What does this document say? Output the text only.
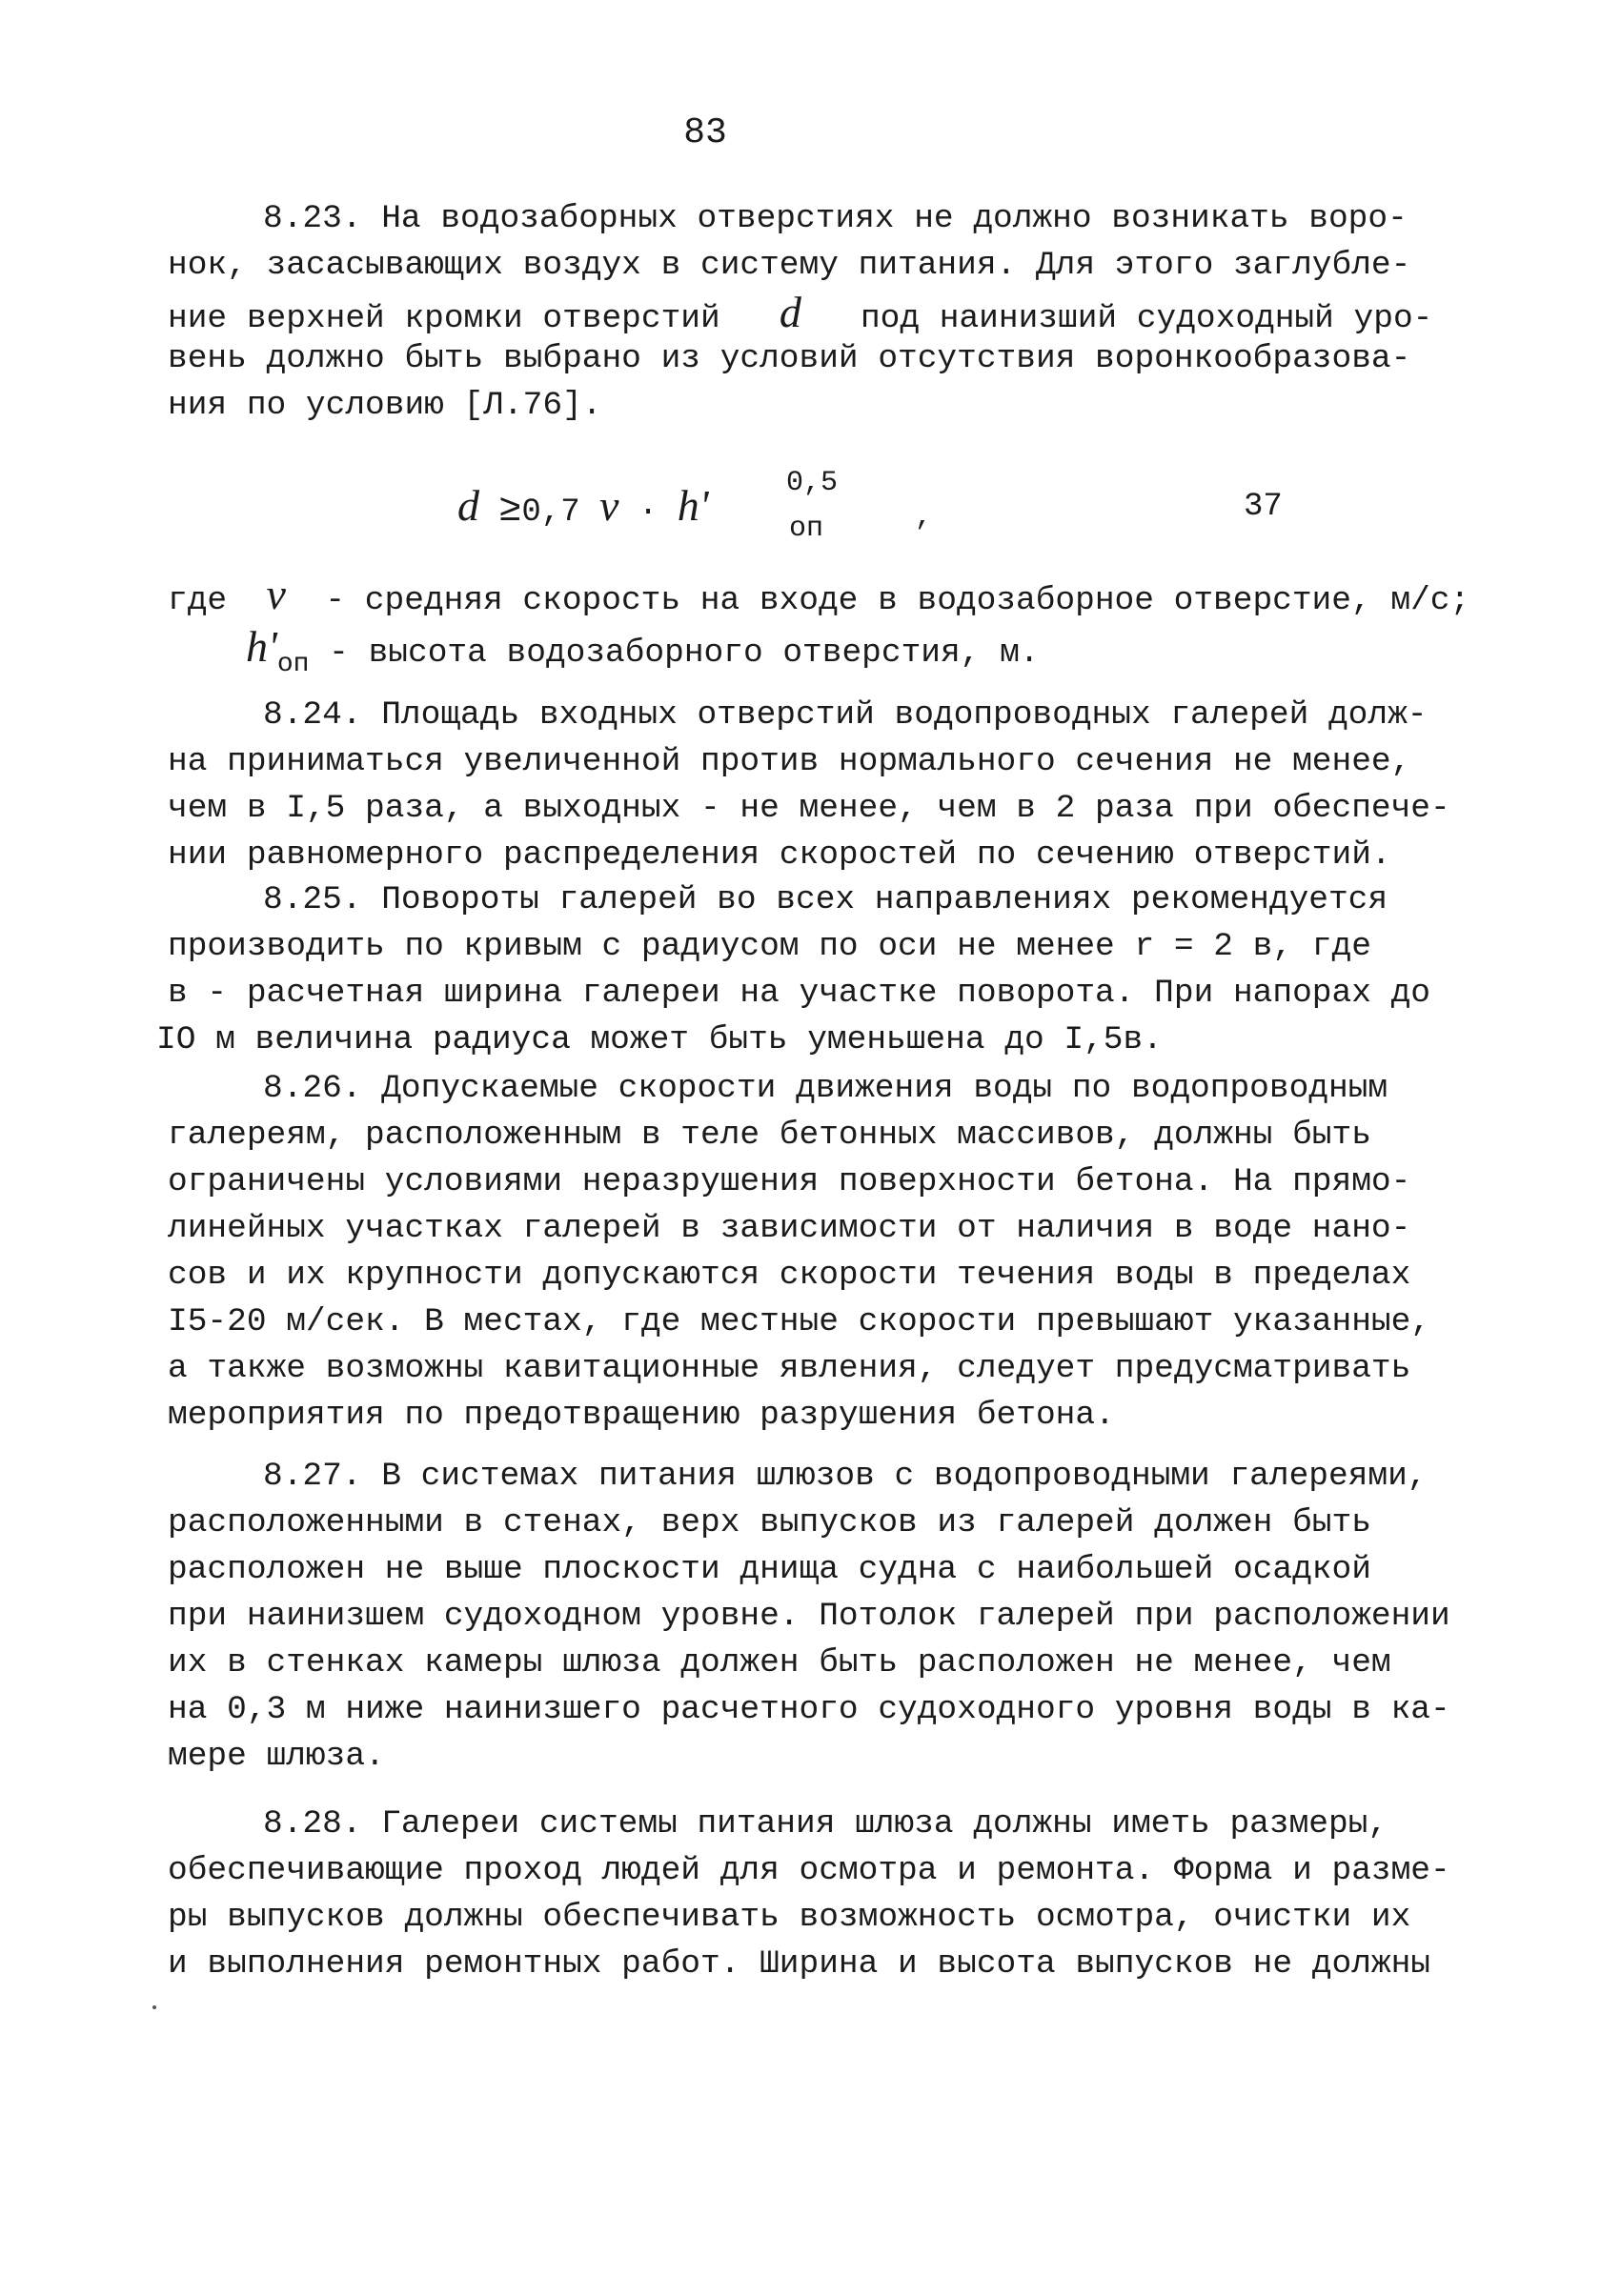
83
8.23. На водозаборных отверстиях не должно возникать воро-
нок, засасывающих воздух в систему питания. Для этого заглубле-
ние верхней кромки отверстий d под наинизший судоходный уро-
вень должно быть выбрано из условий отсутствия воронкообразова-
ния по условию [Л.76].
d ≥0,7 v · h'	0,5
оп	,	37
где v - средняя скорость на входе в водозаборное отверстие, м/с;
$h'_{оп}$ - высота водозаборного отверстия, м.
8.24. Площадь входных отверстий водопроводных галерей долж-
на приниматься увеличенной против нормального сечения не менее,
чем в I,5 раза, а выходных - не менее, чем в 2 раза при обеспече-
нии равномерного распределения скоростей по сечению отверстий.
8.25. Повороты галерей во всех направлениях рекомендуется
производить по кривым с радиусом по оси не менее r = 2 в, где
в - расчетная ширина галереи на участке поворота. При напорах до
IO м величина радиуса может быть уменьшена до I,5в.
8.26. Допускаемые скорости движения воды по водопроводным
галереям, расположенным в теле бетонных массивов, должны быть
ограничены условиями неразрушения поверхности бетона. На прямо-
линейных участках галерей в зависимости от наличия в воде нано-
сов и их крупности допускаются скорости течения воды в пределах
I5-20 м/сек. В местах, где местные скорости превышают указанные,
а также возможны кавитационные явления, следует предусматривать
мероприятия по предотвращению разрушения бетона.
8.27. В системах питания шлюзов с водопроводными галереями,
расположенными в стенах, верх выпусков из галерей должен быть
расположен не выше плоскости днища судна с наибольшей осадкой
при наинизшем судоходном уровне. Потолок галерей при расположении
их в стенках камеры шлюза должен быть расположен не менее, чем
на 0,3 м ниже наинизшего расчетного судоходного уровня воды в ка-
мере шлюза.
8.28. Галереи системы питания шлюза должны иметь размеры,
обеспечивающие проход людей для осмотра и ремонта. Форма и разме-
ры выпусков должны обеспечивать возможность осмотра, очистки их
и выполнения ремонтных работ. Ширина и высота выпусков не должны
